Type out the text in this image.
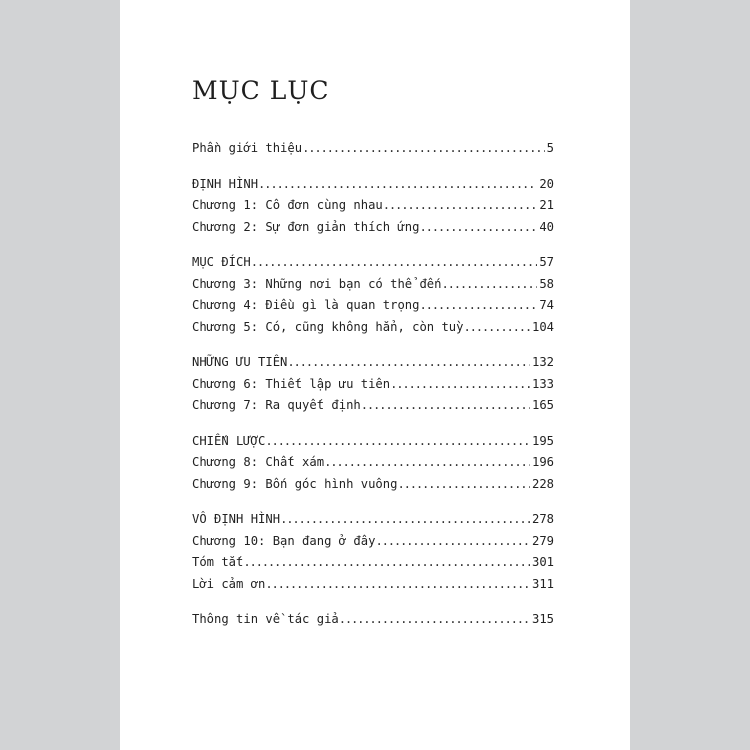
MỤC LỤC
Phần giới thiệu .....	5
ĐỊNH HÌNH .....	20
Chương 1: Cô đơn cùng nhau .....	21
Chương 2: Sự đơn giản thích ứng .....	40
MỤC ĐÍCH .....	57
Chương 3: Những nơi bạn có thể đến .....	58
Chương 4: Điều gì là quan trọng .....	74
Chương 5: Có, cũng không hẳn, còn tuỳ .....	104
NHỮNG ƯU TIÊN .....	132
Chương 6: Thiết lập ưu tiên .....	133
Chương 7: Ra quyết định .....	165
CHIẾN LƯỢC .....	195
Chương 8: Chất xám .....	196
Chương 9: Bốn góc hình vuông .....	228
VÔ ĐỊNH HÌNH .....	278
Chương 10: Bạn đang ở đây .....	279
Tóm tắt .....	301
Lời cảm ơn .....	311
Thông tin về tác giả .....	315
